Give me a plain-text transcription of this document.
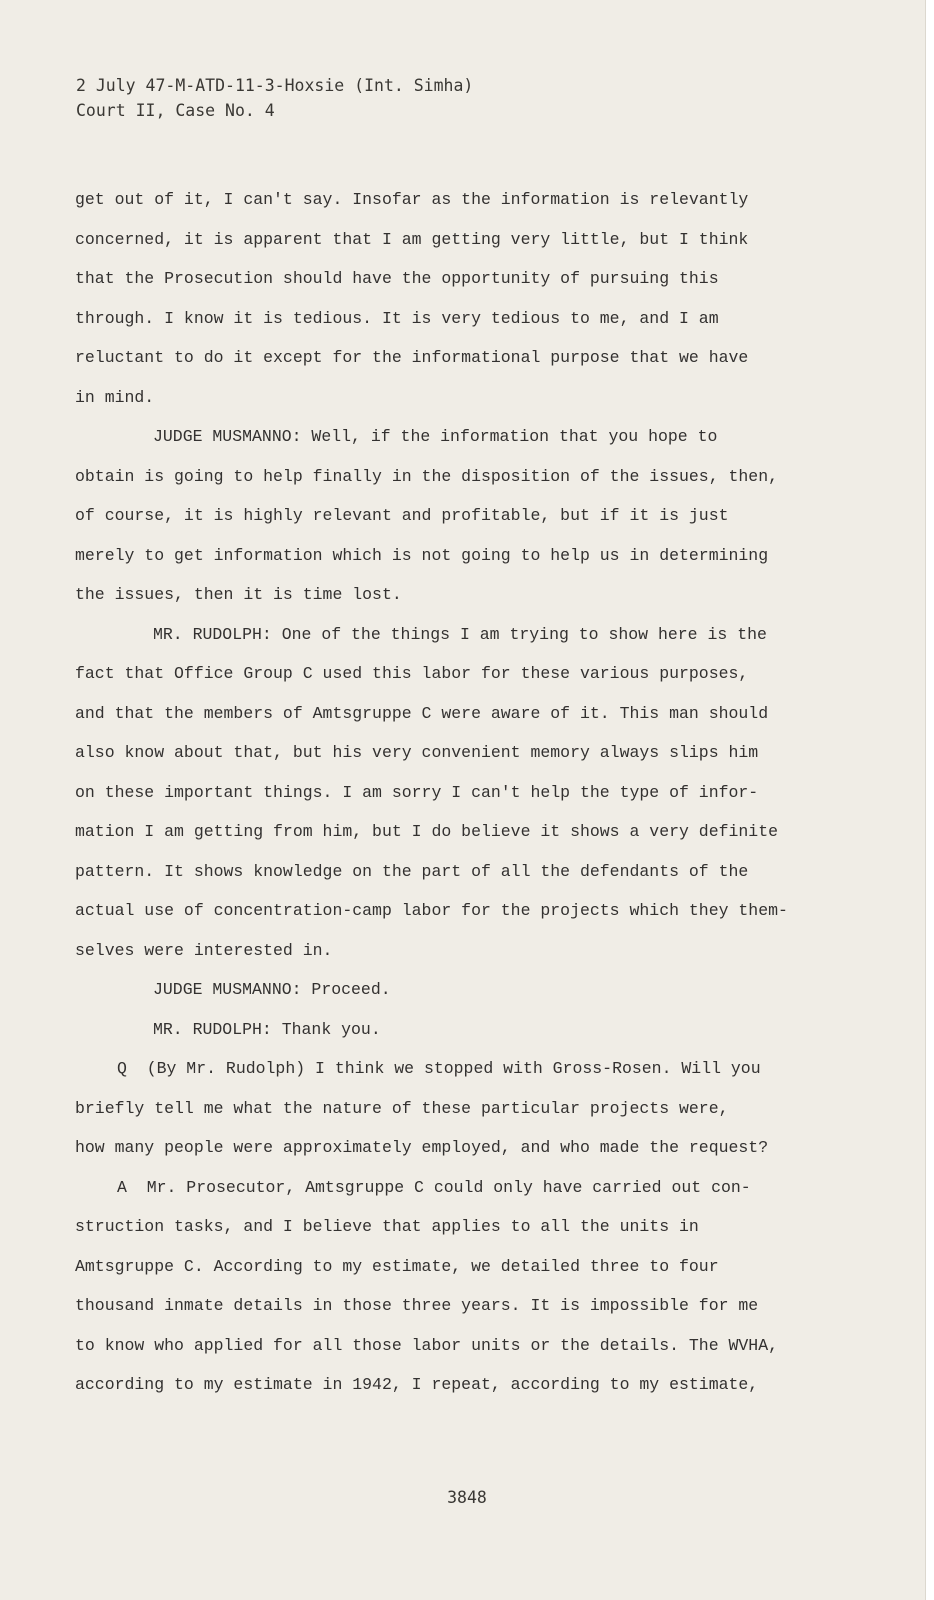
2 July 47-M-ATD-11-3-Hoxsie (Int. Simha)
Court II, Case No. 4
get out of it, I can't say. Insofar as the information is relevantly
concerned, it is apparent that I am getting very little, but I think
that the Prosecution should have the opportunity of pursuing this
through. I know it is tedious. It is very tedious to me, and I am
reluctant to do it except for the informational purpose that we have
in mind.
JUDGE MUSMANNO: Well, if the information that you hope to
obtain is going to help finally in the disposition of the issues, then,
of course, it is highly relevant and profitable, but if it is just
merely to get information which is not going to help us in determining
the issues, then it is time lost.
MR. RUDOLPH: One of the things I am trying to show here is the
fact that Office Group C used this labor for these various purposes,
and that the members of Amtsgruppe C were aware of it. This man should
also know about that, but his very convenient memory always slips him
on these important things. I am sorry I can't help the type of infor-
mation I am getting from him, but I do believe it shows a very definite
pattern. It shows knowledge on the part of all the defendants of the
actual use of concentration-camp labor for the projects which they them-
selves were interested in.
JUDGE MUSMANNO: Proceed.
MR. RUDOLPH: Thank you.
Q  (By Mr. Rudolph) I think we stopped with Gross-Rosen. Will you
briefly tell me what the nature of these particular projects were,
how many people were approximately employed, and who made the request?
A  Mr. Prosecutor, Amtsgruppe C could only have carried out con-
struction tasks, and I believe that applies to all the units in
Amtsgruppe C. According to my estimate, we detailed three to four
thousand inmate details in those three years. It is impossible for me
to know who applied for all those labor units or the details. The WVHA,
according to my estimate in 1942, I repeat, according to my estimate,
3848
